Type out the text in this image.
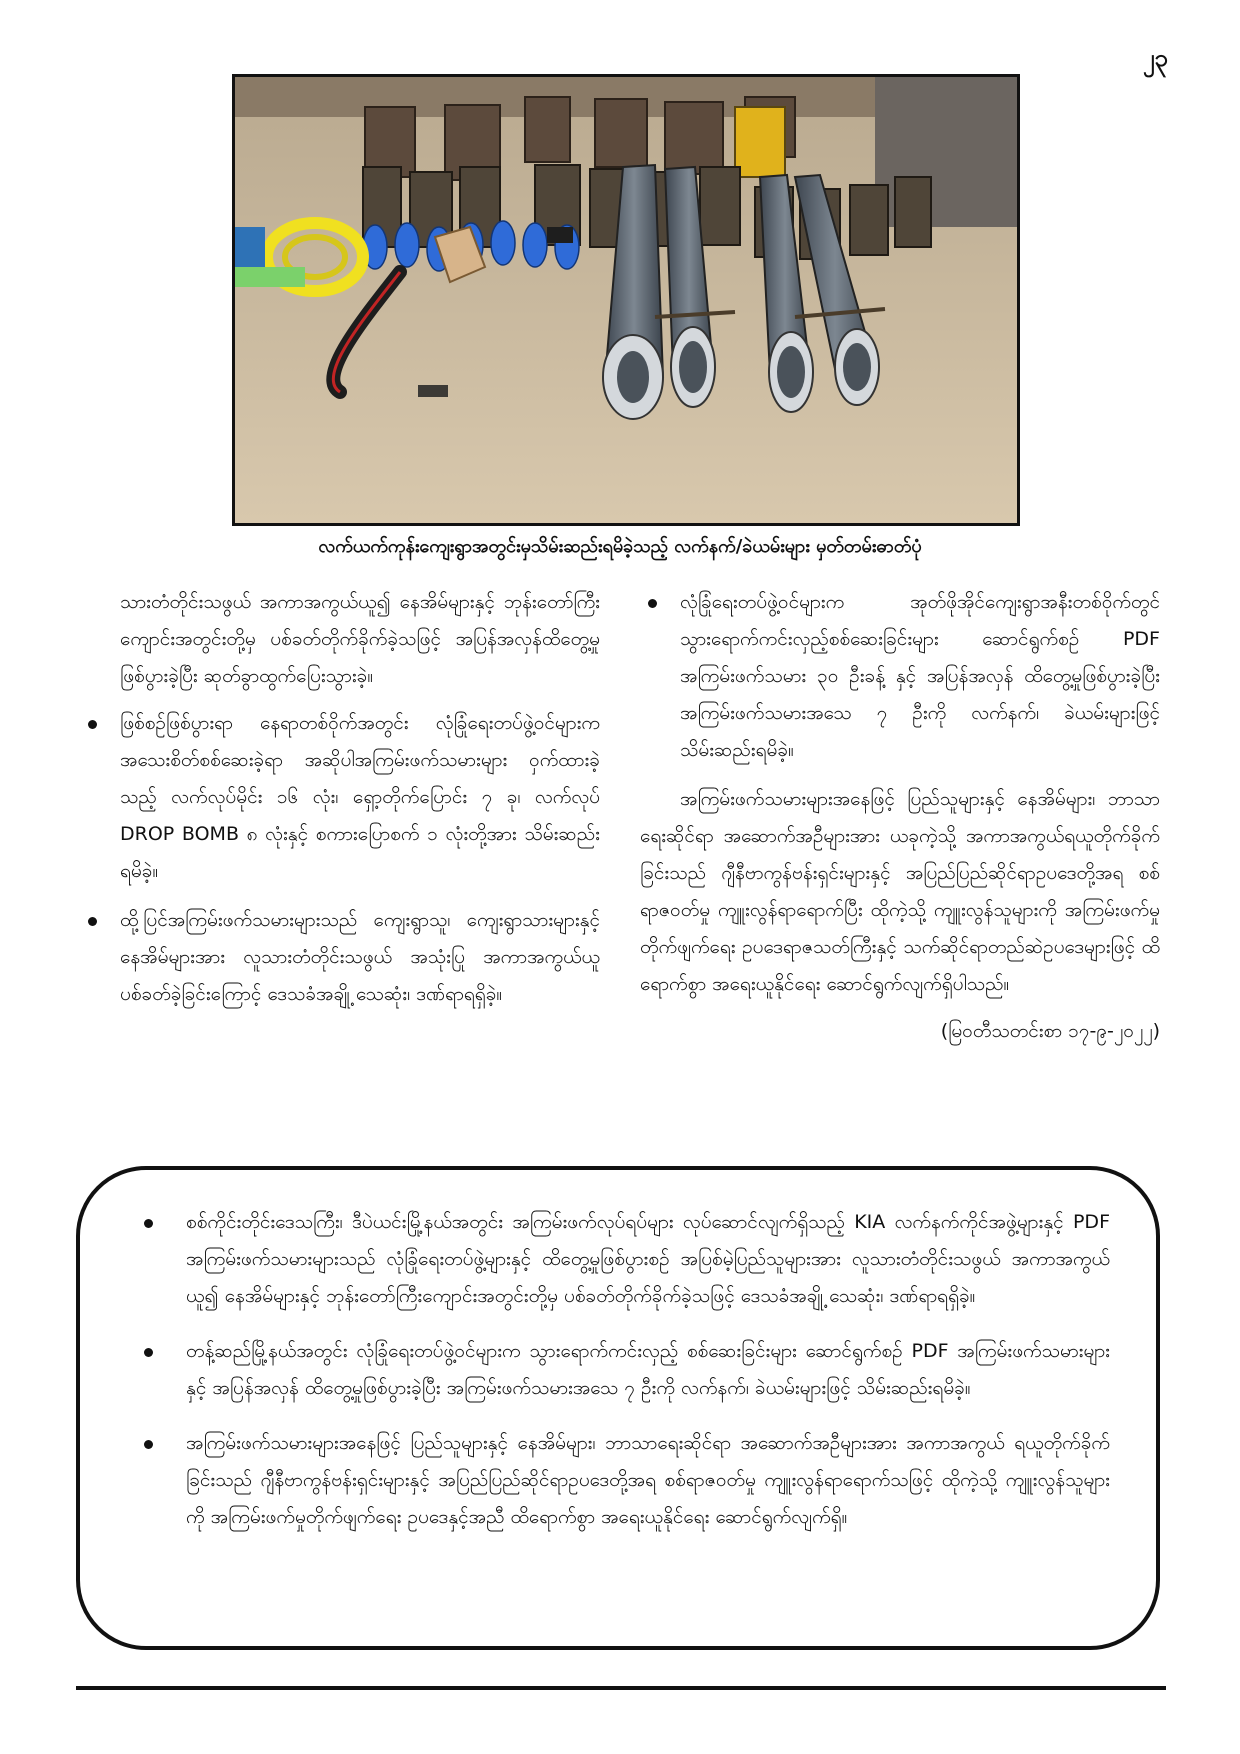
၂၃
လက်ယက်ကုန်းကျေးရွာအတွင်းမှသိမ်းဆည်းရမိခဲ့သည့် လက်နက်/ခဲယမ်းများ မှတ်တမ်းဓာတ်ပုံ

သားတံတိုင်းသဖွယ် အကာအကွယ်ယူ၍ နေအိမ်များနှင့် ဘုန်းတော်ကြီး ကျောင်းအတွင်းတို့မှ ပစ်ခတ်တိုက်ခိုက်ခဲ့သဖြင့် အပြန်အလှန်ထိတွေ့မှုဖြစ်ပွားခဲ့ပြီး ဆုတ်ခွာထွက်ပြေးသွားခဲ့။

ဖြစ်စဉ်ဖြစ်ပွားရာ နေရာတစ်ဝိုက်အတွင်း လုံခြုံရေးတပ်ဖွဲ့ဝင်များက အသေးစိတ်စစ်ဆေးခဲ့ရာ အဆိုပါအကြမ်းဖက်သမားများ ဝှက်ထားခဲ့သည့် လက်လုပ်မိုင်း ၁၆ လုံး၊ ရှော့တိုက်ပြောင်း ၇ ခု၊ လက်လုပ် DROP BOMB ၈ လုံးနှင့် စကားပြောစက် ၁ လုံးတို့အား သိမ်းဆည်းရမိခဲ့။
ထို့ပြင်အကြမ်းဖက်သမားများသည် ကျေးရွာသူ၊ ကျေးရွာသားများနှင့် နေအိမ်များအား လူသားတံတိုင်းသဖွယ် အသုံးပြု အကာအကွယ်ယူပစ်ခတ်ခဲ့ခြင်းကြောင့် ဒေသခံအချို့ သေဆုံး၊ ဒဏ်ရာရရှိခဲ့။
လုံခြုံရေးတပ်ဖွဲ့ဝင်များက အုတ်ဖိုအိုင်ကျေးရွာအနီးတစ်ဝိုက်တွင် သွားရောက်ကင်းလှည့်စစ်ဆေးခြင်းများ ဆောင်ရွက်စဉ် PDF အကြမ်းဖက်သမား ၃၀ ဦးခန့် နှင့် အပြန်အလှန် ထိတွေ့မှုဖြစ်ပွားခဲ့ပြီး အကြမ်းဖက်သမားအသေ ၇ ဦးကို လက်နက်၊ ခဲယမ်းများဖြင့် သိမ်းဆည်းရမိခဲ့။

အကြမ်းဖက်သမားများအနေဖြင့် ပြည်သူများနှင့် နေအိမ်များ၊ ဘာသာရေးဆိုင်ရာ အဆောက်အဦများအား ယခုကဲ့သို့ အကာအကွယ်ရယူတိုက်ခိုက်ခြင်းသည် ဂျီနီဗာကွန်ဗန်းရှင်းများနှင့် အပြည်ပြည်ဆိုင်ရာဥပဒေတို့အရ စစ်ရာဇဝတ်မှု ကျူးလွန်ရာရောက်ပြီး ထိုကဲ့သို့ ကျူးလွန်သူများကို အကြမ်းဖက်မှုတိုက်ဖျက်ရေး ဥပဒေရာဇသတ်ကြီးနှင့် သက်ဆိုင်ရာတည်ဆဲဥပဒေများဖြင့် ထိရောက်စွာ အရေးယူနိုင်ရေး ဆောင်ရွက်လျက်ရှိပါသည်။

(မြဝတီသတင်းစာ ၁၇-၉-၂၀၂၂)

စစ်ကိုင်းတိုင်းဒေသကြီး၊ ဒီပဲယင်းမြို့နယ်အတွင်း အကြမ်းဖက်လုပ်ရပ်များ လုပ်ဆောင်လျက်ရှိသည့် KIA လက်နက်ကိုင်အဖွဲ့များနှင့် PDF အကြမ်းဖက်သမားများသည် လုံခြုံရေးတပ်ဖွဲ့များနှင့် ထိတွေ့မှုဖြစ်ပွားစဉ် အပြစ်မဲ့ပြည်သူများအား လူသားတံတိုင်းသဖွယ် အကာအကွယ်ယူ၍ နေအိမ်များနှင့် ဘုန်းတော်ကြီးကျောင်းအတွင်းတို့မှ ပစ်ခတ်တိုက်ခိုက်ခဲ့သဖြင့် ဒေသခံအချို့ သေဆုံး၊ ဒဏ်ရာရရှိခဲ့။
တန့်ဆည်မြို့နယ်အတွင်း လုံခြုံရေးတပ်ဖွဲ့ဝင်များက သွားရောက်ကင်းလှည့် စစ်ဆေးခြင်းများ ဆောင်ရွက်စဉ် PDF အကြမ်းဖက်သမားများနှင့် အပြန်အလှန် ထိတွေ့မှုဖြစ်ပွားခဲ့ပြီး အကြမ်းဖက်သမားအသေ ၇ ဦးကို လက်နက်၊ ခဲယမ်းများဖြင့် သိမ်းဆည်းရမိခဲ့။
အကြမ်းဖက်သမားများအနေဖြင့် ပြည်သူများနှင့် နေအိမ်များ၊ ဘာသာရေးဆိုင်ရာ အဆောက်အဦများအား အကာအကွယ် ရယူတိုက်ခိုက်ခြင်းသည် ဂျီနီဗာကွန်ဗန်းရှင်းများနှင့် အပြည်ပြည်ဆိုင်ရာဥပဒေတို့အရ စစ်ရာဇဝတ်မှု ကျူးလွန်ရာရောက်သဖြင့် ထိုကဲ့သို့ ကျူးလွန်သူများကို အကြမ်းဖက်မှုတိုက်ဖျက်ရေး ဥပဒေနှင့်အညီ ထိရောက်စွာ အရေးယူနိုင်ရေး ဆောင်ရွက်လျက်ရှိ။
